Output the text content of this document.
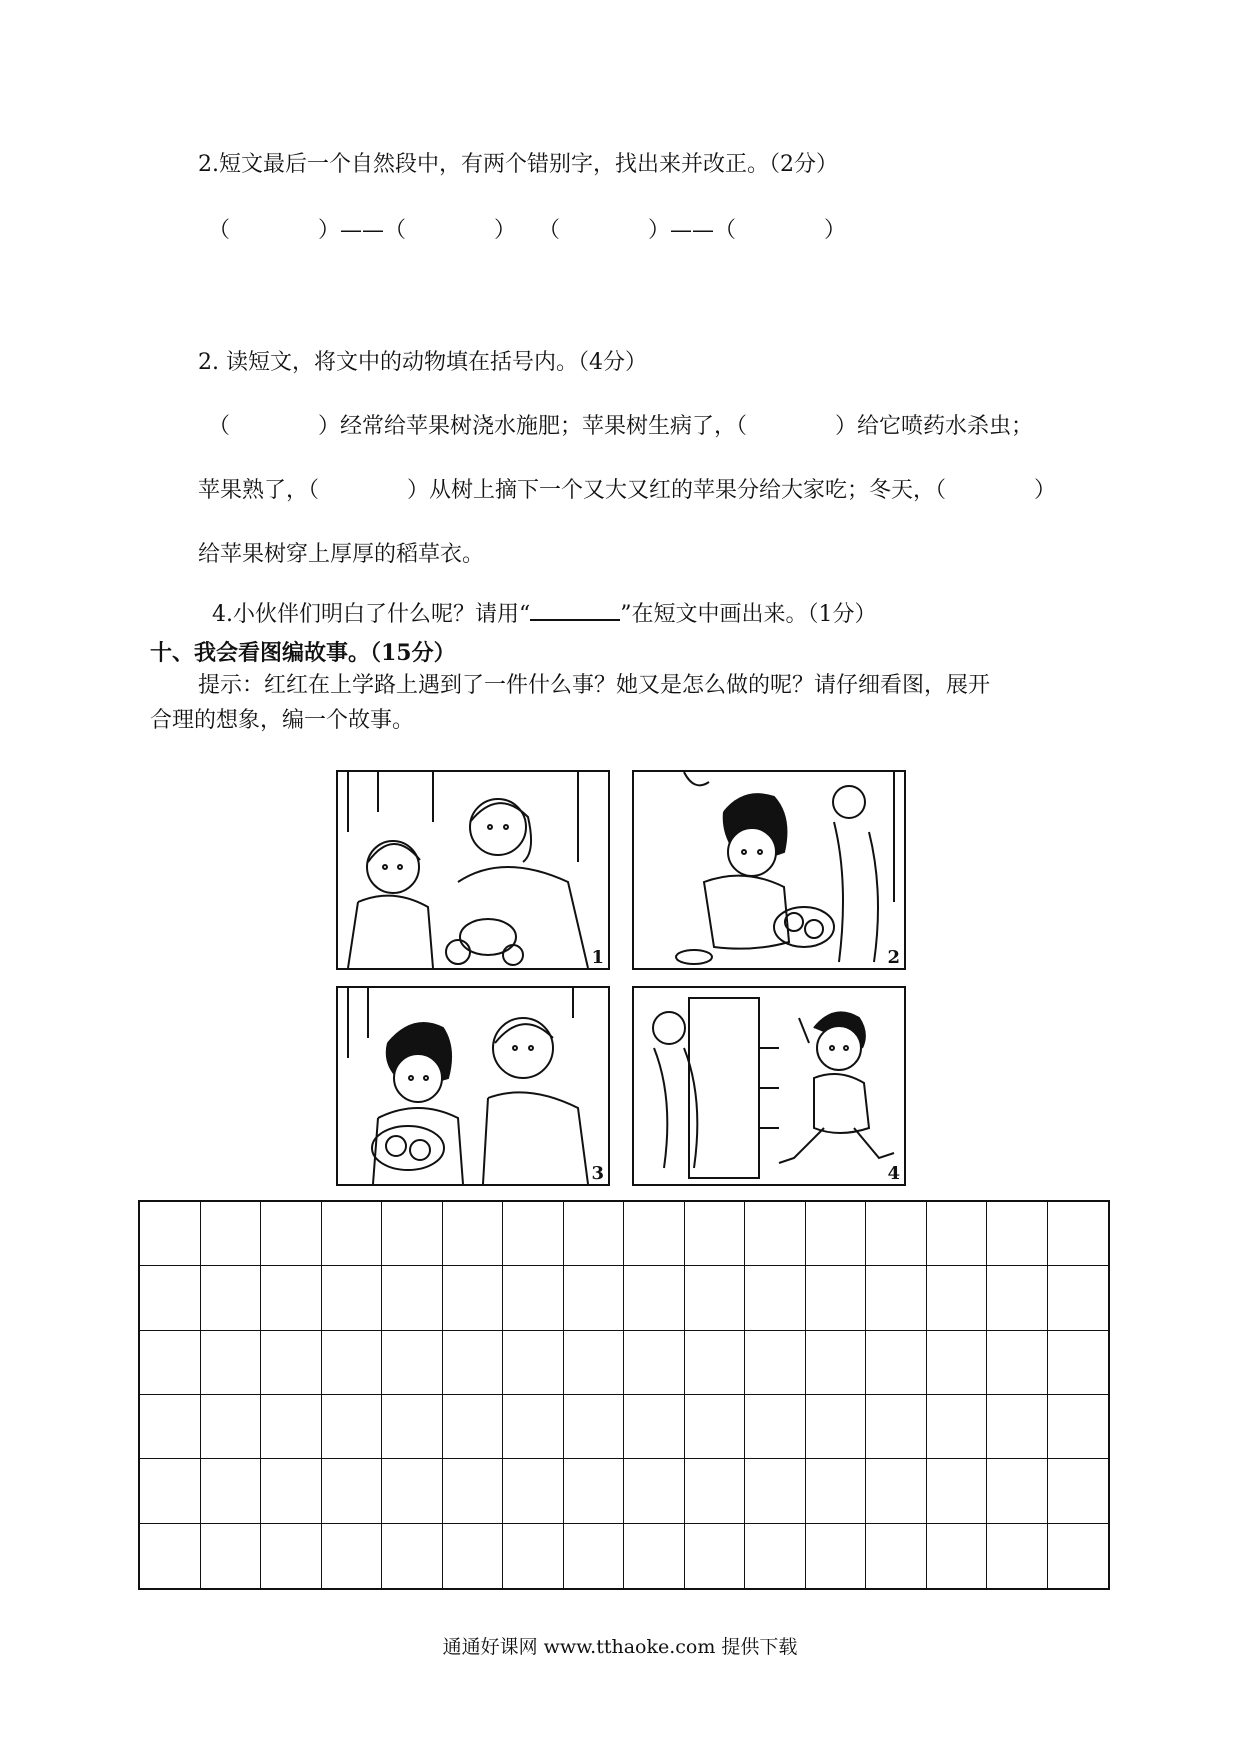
2.短文最后一个自然段中，有两个错别字，找出来并改正。（2分）
（　　　　）——（　　　　）　　（　　　　）——（　　　　）
2. 读短文，将文中的动物填在括号内。（4分）
（　　　　）经常给苹果树浇水施肥；苹果树生病了，（　　　　）给它喷药水杀虫；
苹果熟了，（　　　　）从树上摘下一个又大又红的苹果分给大家吃；冬天，（　　　　）
给苹果树穿上厚厚的稻草衣。

4.小伙伴们明白了什么呢？请用“	”在短文中画出来。（1分）

十、我会看图编故事。（15分）
提示：红红在上学路上遇到了一件什么事？她又是怎么做的呢？请仔细看图，展开
合理的想象，编一个故事。
1	2
3	4
通通好课网 www.tthaoke.com 提供下载
